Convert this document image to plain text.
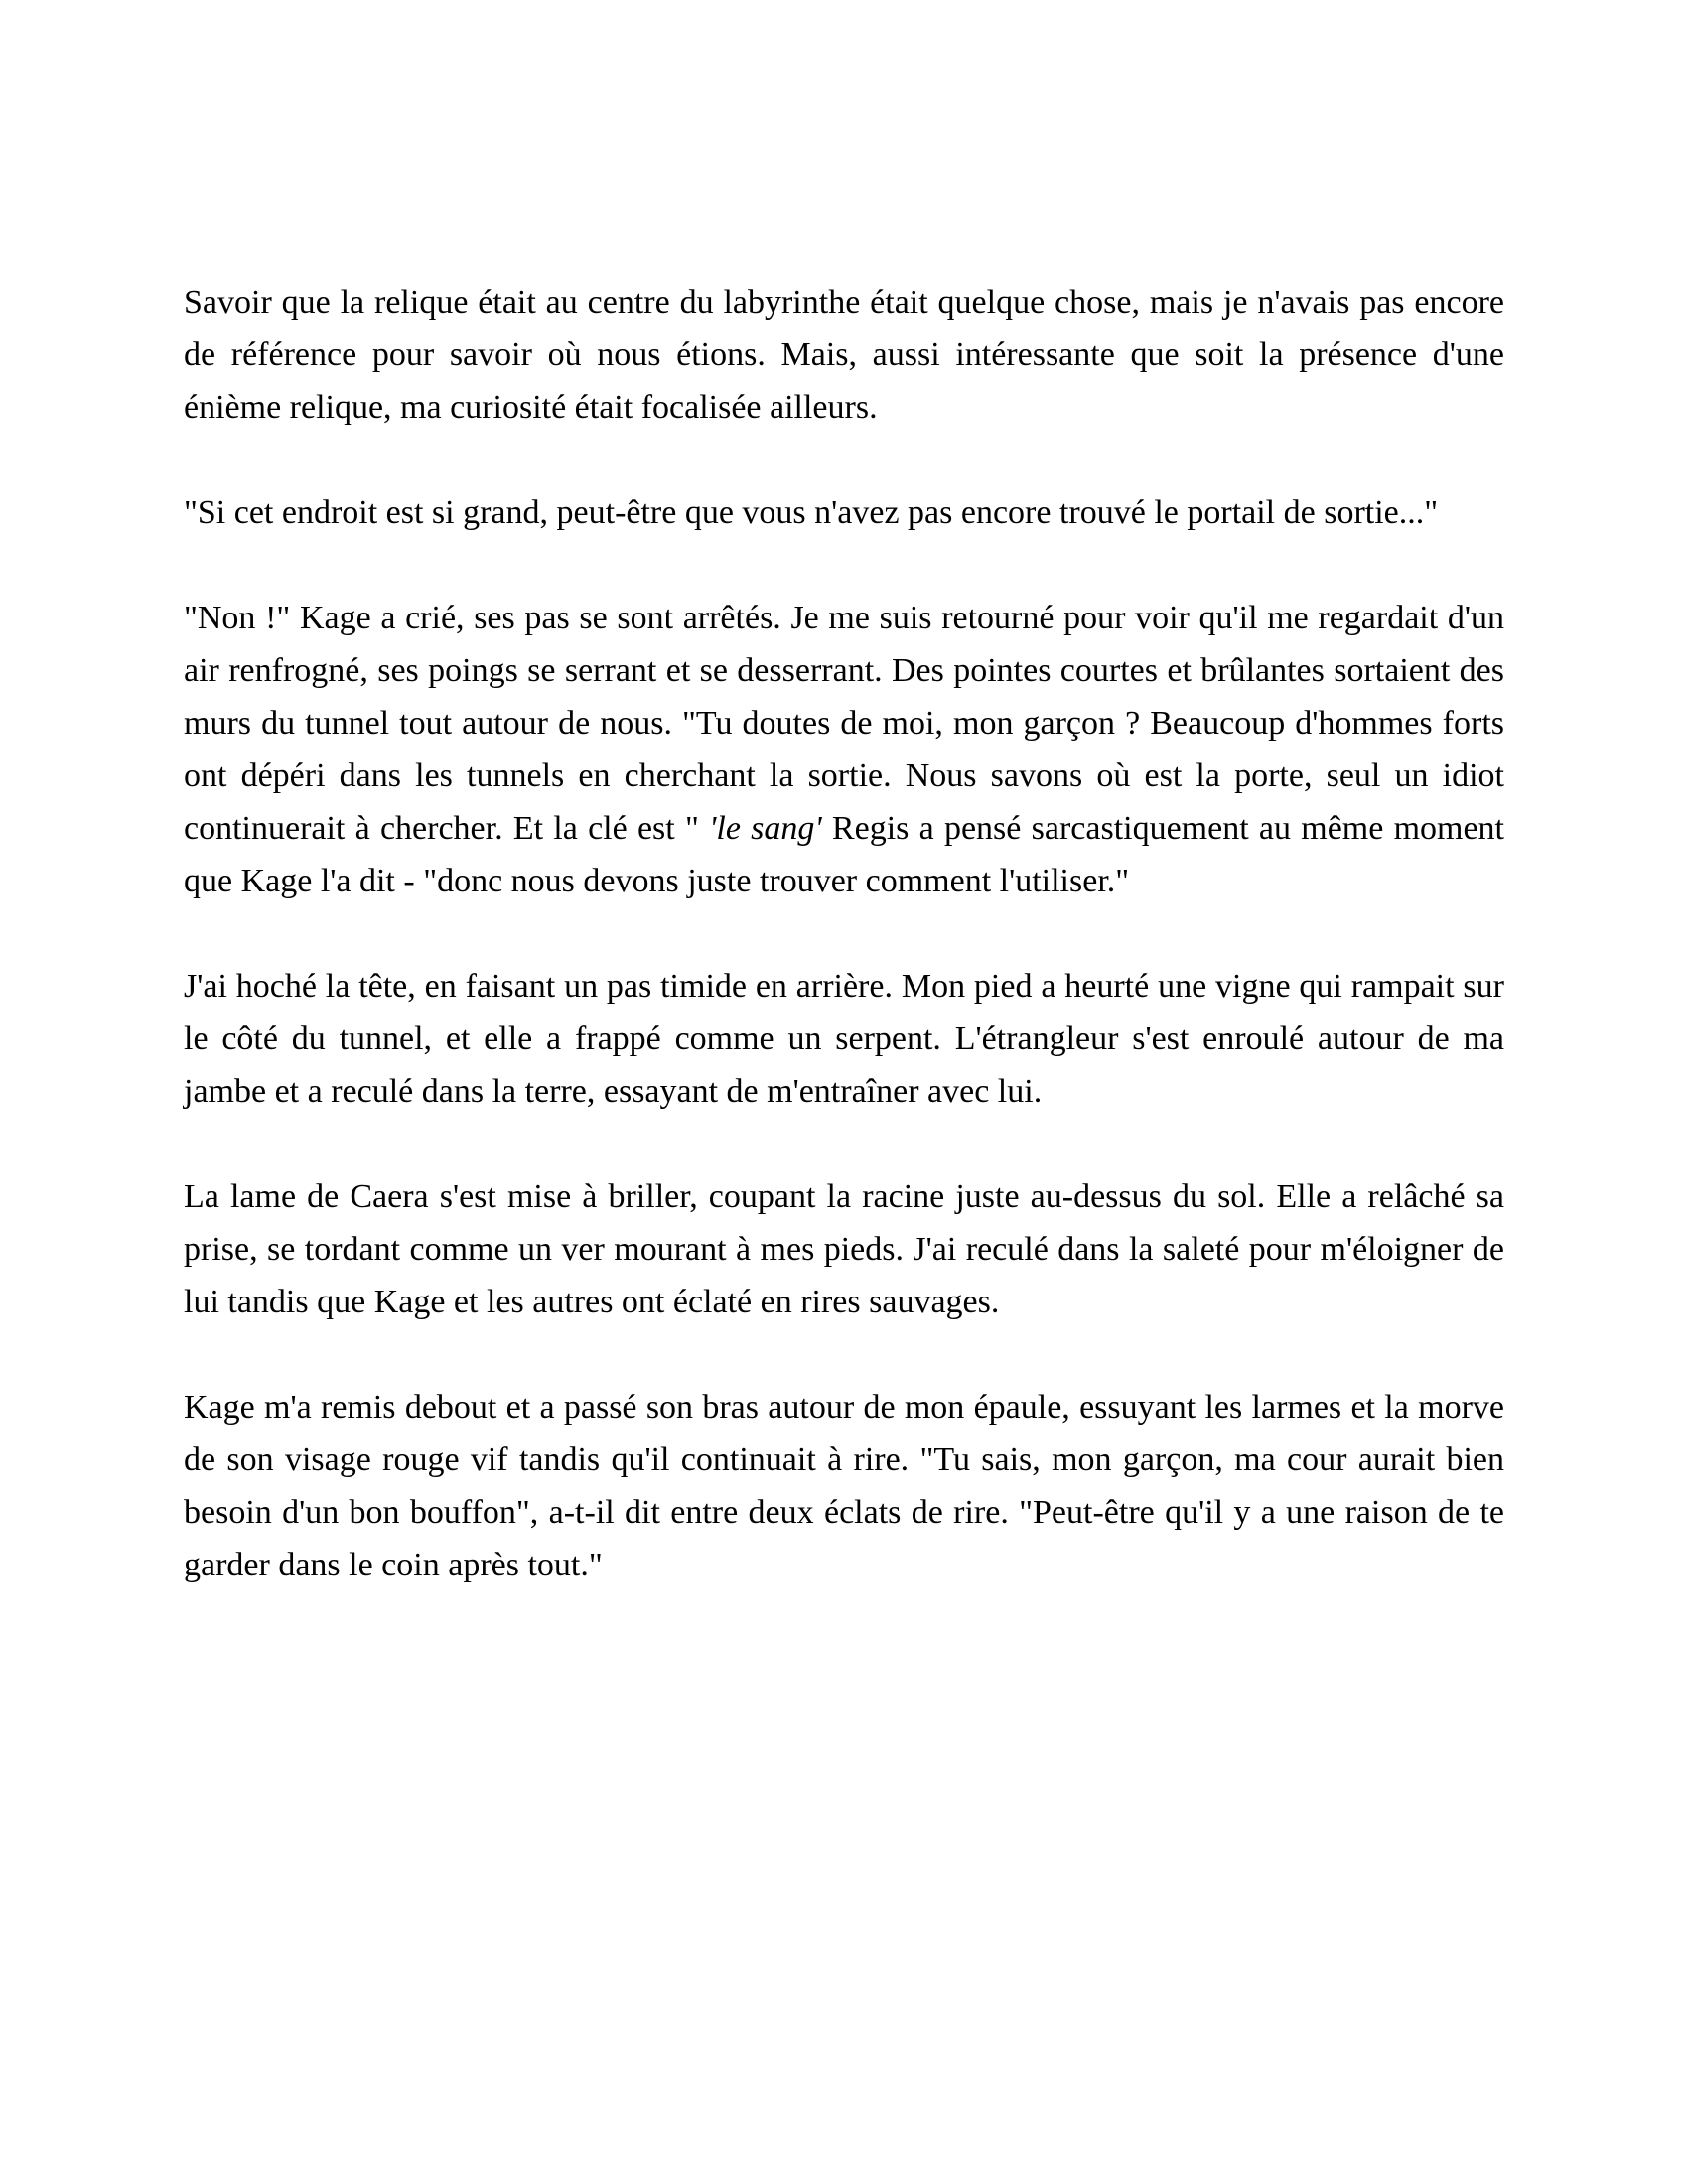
Savoir que la relique était au centre du labyrinthe était quelque chose, mais je n'avais pas encore de référence pour savoir où nous étions. Mais, aussi intéressante que soit la présence d'une énième relique, ma curiosité était focalisée ailleurs.

"Si cet endroit est si grand, peut-être que vous n'avez pas encore trouvé le portail de sortie..."

"Non !" Kage a crié, ses pas se sont arrêtés. Je me suis retourné pour voir qu'il me regardait d'un air renfrogné, ses poings se serrant et se desserrant. Des pointes courtes et brûlantes sortaient des murs du tunnel tout autour de nous. "Tu doutes de moi, mon garçon ? Beaucoup d'hommes forts ont dépéri dans les tunnels en cherchant la sortie. Nous savons où est la porte, seul un idiot continuerait à chercher. Et la clé est " 'le sang' Regis a pensé sarcastiquement au même moment que Kage l'a dit - "donc nous devons juste trouver comment l'utiliser."

J'ai hoché la tête, en faisant un pas timide en arrière. Mon pied a heurté une vigne qui rampait sur le côté du tunnel, et elle a frappé comme un serpent. L'étrangleur s'est enroulé autour de ma jambe et a reculé dans la terre, essayant de m'entraîner avec lui.

La lame de Caera s'est mise à briller, coupant la racine juste au-dessus du sol. Elle a relâché sa prise, se tordant comme un ver mourant à mes pieds. J'ai reculé dans la saleté pour m'éloigner de lui tandis que Kage et les autres ont éclaté en rires sauvages.

Kage m'a remis debout et a passé son bras autour de mon épaule, essuyant les larmes et la morve de son visage rouge vif tandis qu'il continuait à rire. "Tu sais, mon garçon, ma cour aurait bien besoin d'un bon bouffon", a-t-il dit entre deux éclats de rire. "Peut-être qu'il y a une raison de te garder dans le coin après tout."
